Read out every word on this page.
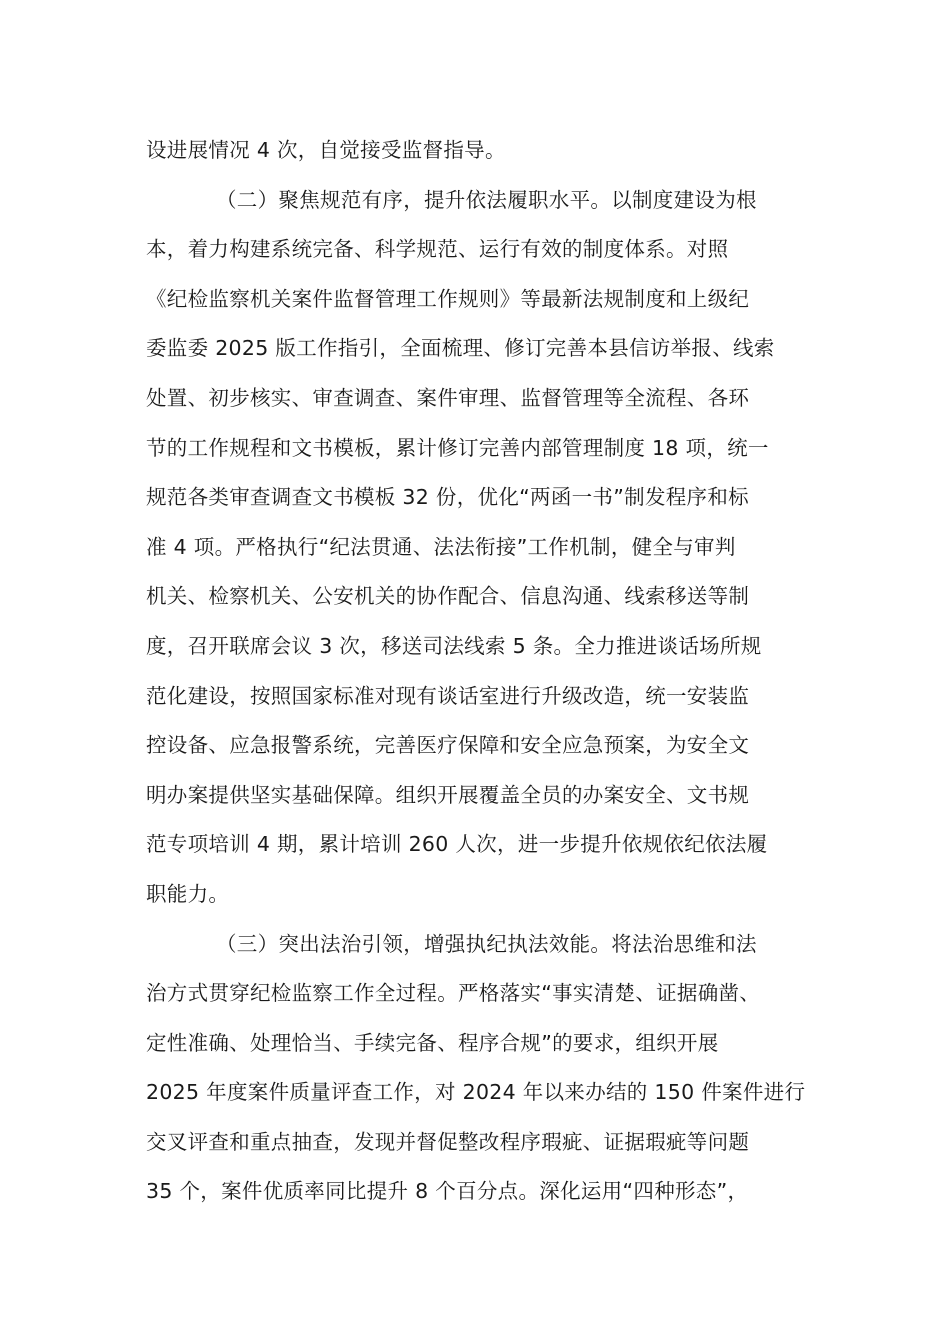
设进展情况 4 次，自觉接受监督指导。
（二）聚焦规范有序，提升依法履职水平。以制度建设为根
本，着力构建系统完备、科学规范、运行有效的制度体系。对照
《纪检监察机关案件监督管理工作规则》等最新法规制度和上级纪
委监委 2025 版工作指引，全面梳理、修订完善本县信访举报、线索
处置、初步核实、审查调查、案件审理、监督管理等全流程、各环
节的工作规程和文书模板，累计修订完善内部管理制度 18 项，统一
规范各类审查调查文书模板 32 份，优化“两函一书”制发程序和标
准 4 项。严格执行“纪法贯通、法法衔接”工作机制，健全与审判
机关、检察机关、公安机关的协作配合、信息沟通、线索移送等制
度，召开联席会议 3 次，移送司法线索 5 条。全力推进谈话场所规
范化建设，按照国家标准对现有谈话室进行升级改造，统一安装监
控设备、应急报警系统，完善医疗保障和安全应急预案，为安全文
明办案提供坚实基础保障。组织开展覆盖全员的办案安全、文书规
范专项培训 4 期，累计培训 260 人次，进一步提升依规依纪依法履
职能力。
（三）突出法治引领，增强执纪执法效能。将法治思维和法
治方式贯穿纪检监察工作全过程。严格落实“事实清楚、证据确凿、
定性准确、处理恰当、手续完备、程序合规”的要求，组织开展
2025 年度案件质量评查工作，对 2024 年以来办结的 150 件案件进行
交叉评查和重点抽查，发现并督促整改程序瑕疵、证据瑕疵等问题
35 个，案件优质率同比提升 8 个百分点。深化运用“四种形态”，
